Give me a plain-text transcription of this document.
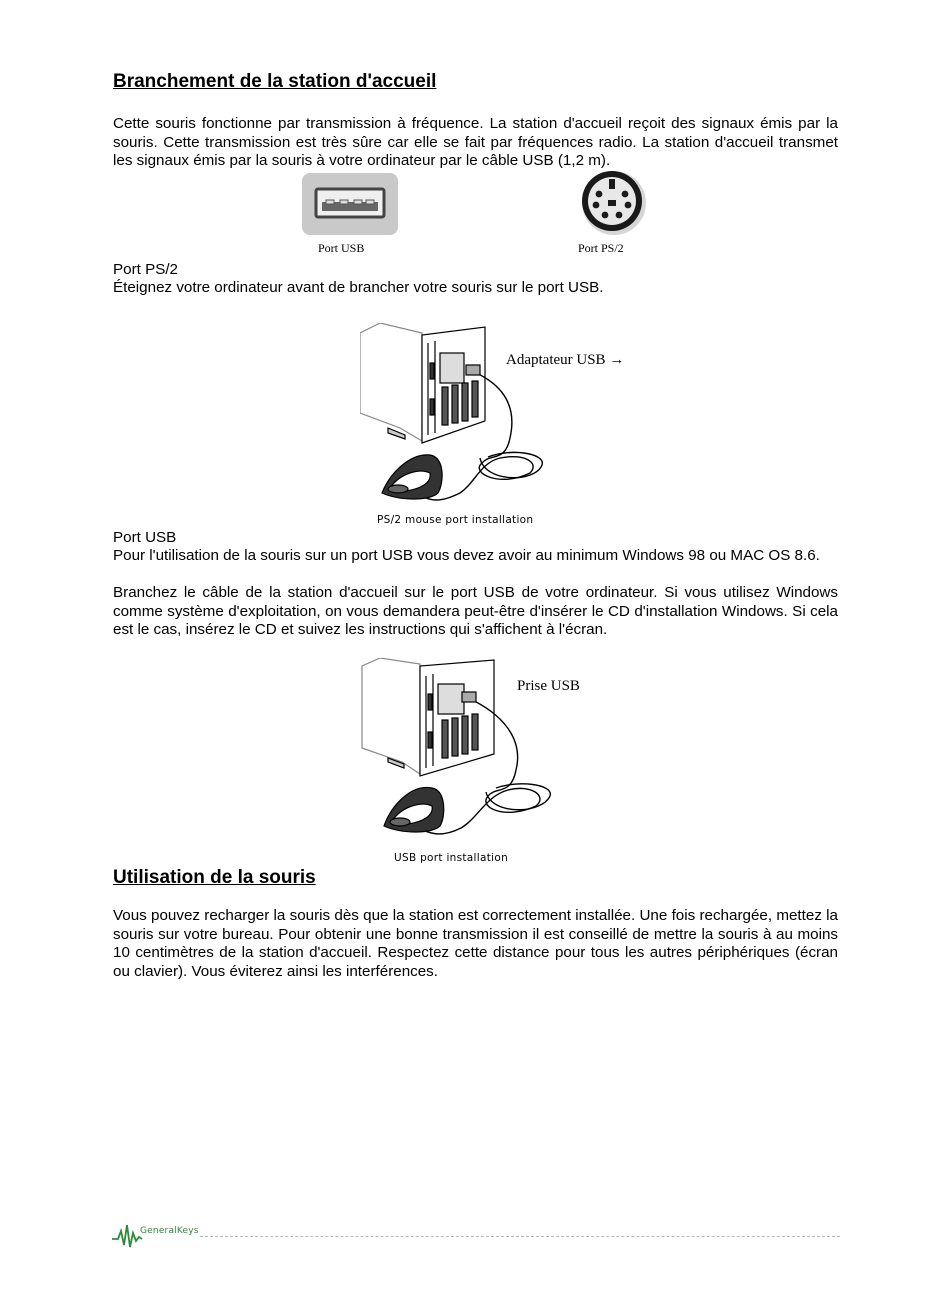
Branchement de la station d'accueil

Cette souris fonctionne par transmission à fréquence. La station d'accueil reçoit des signaux émis par la souris. Cette transmission est très sûre car elle se fait par fréquences radio. La station d'accueil transmet les signaux émis par la souris à votre ordinateur par le câble USB (1,2 m).

Port USB	Port PS/2

Port PS/2

Éteignez votre ordinateur avant de brancher votre souris sur le port USB.

Adaptateur USB →
PS/2 mouse port installation

Port USB

Pour l'utilisation de la souris sur un port USB vous devez avoir au minimum Windows 98 ou MAC OS 8.6.

Branchez le câble de la station d'accueil sur le port USB de votre ordinateur. Si vous utilisez Windows comme système d'exploitation, on vous demandera peut-être d'insérer le CD d'installation Windows. Si cela est le cas, insérez le CD et suivez les instructions qui s'affichent à l'écran.

Prise USB
USB port installation
Utilisation de la souris

Vous pouvez recharger la souris dès que la station est correctement installée. Une fois rechargée, mettez la souris sur votre bureau. Pour obtenir une bonne transmission il est conseillé de mettre la souris à au moins 10 centimètres de la station d'accueil. Respectez cette distance pour tous les autres périphériques (écran ou clavier). Vous éviterez ainsi les interférences.

GeneralKeys
